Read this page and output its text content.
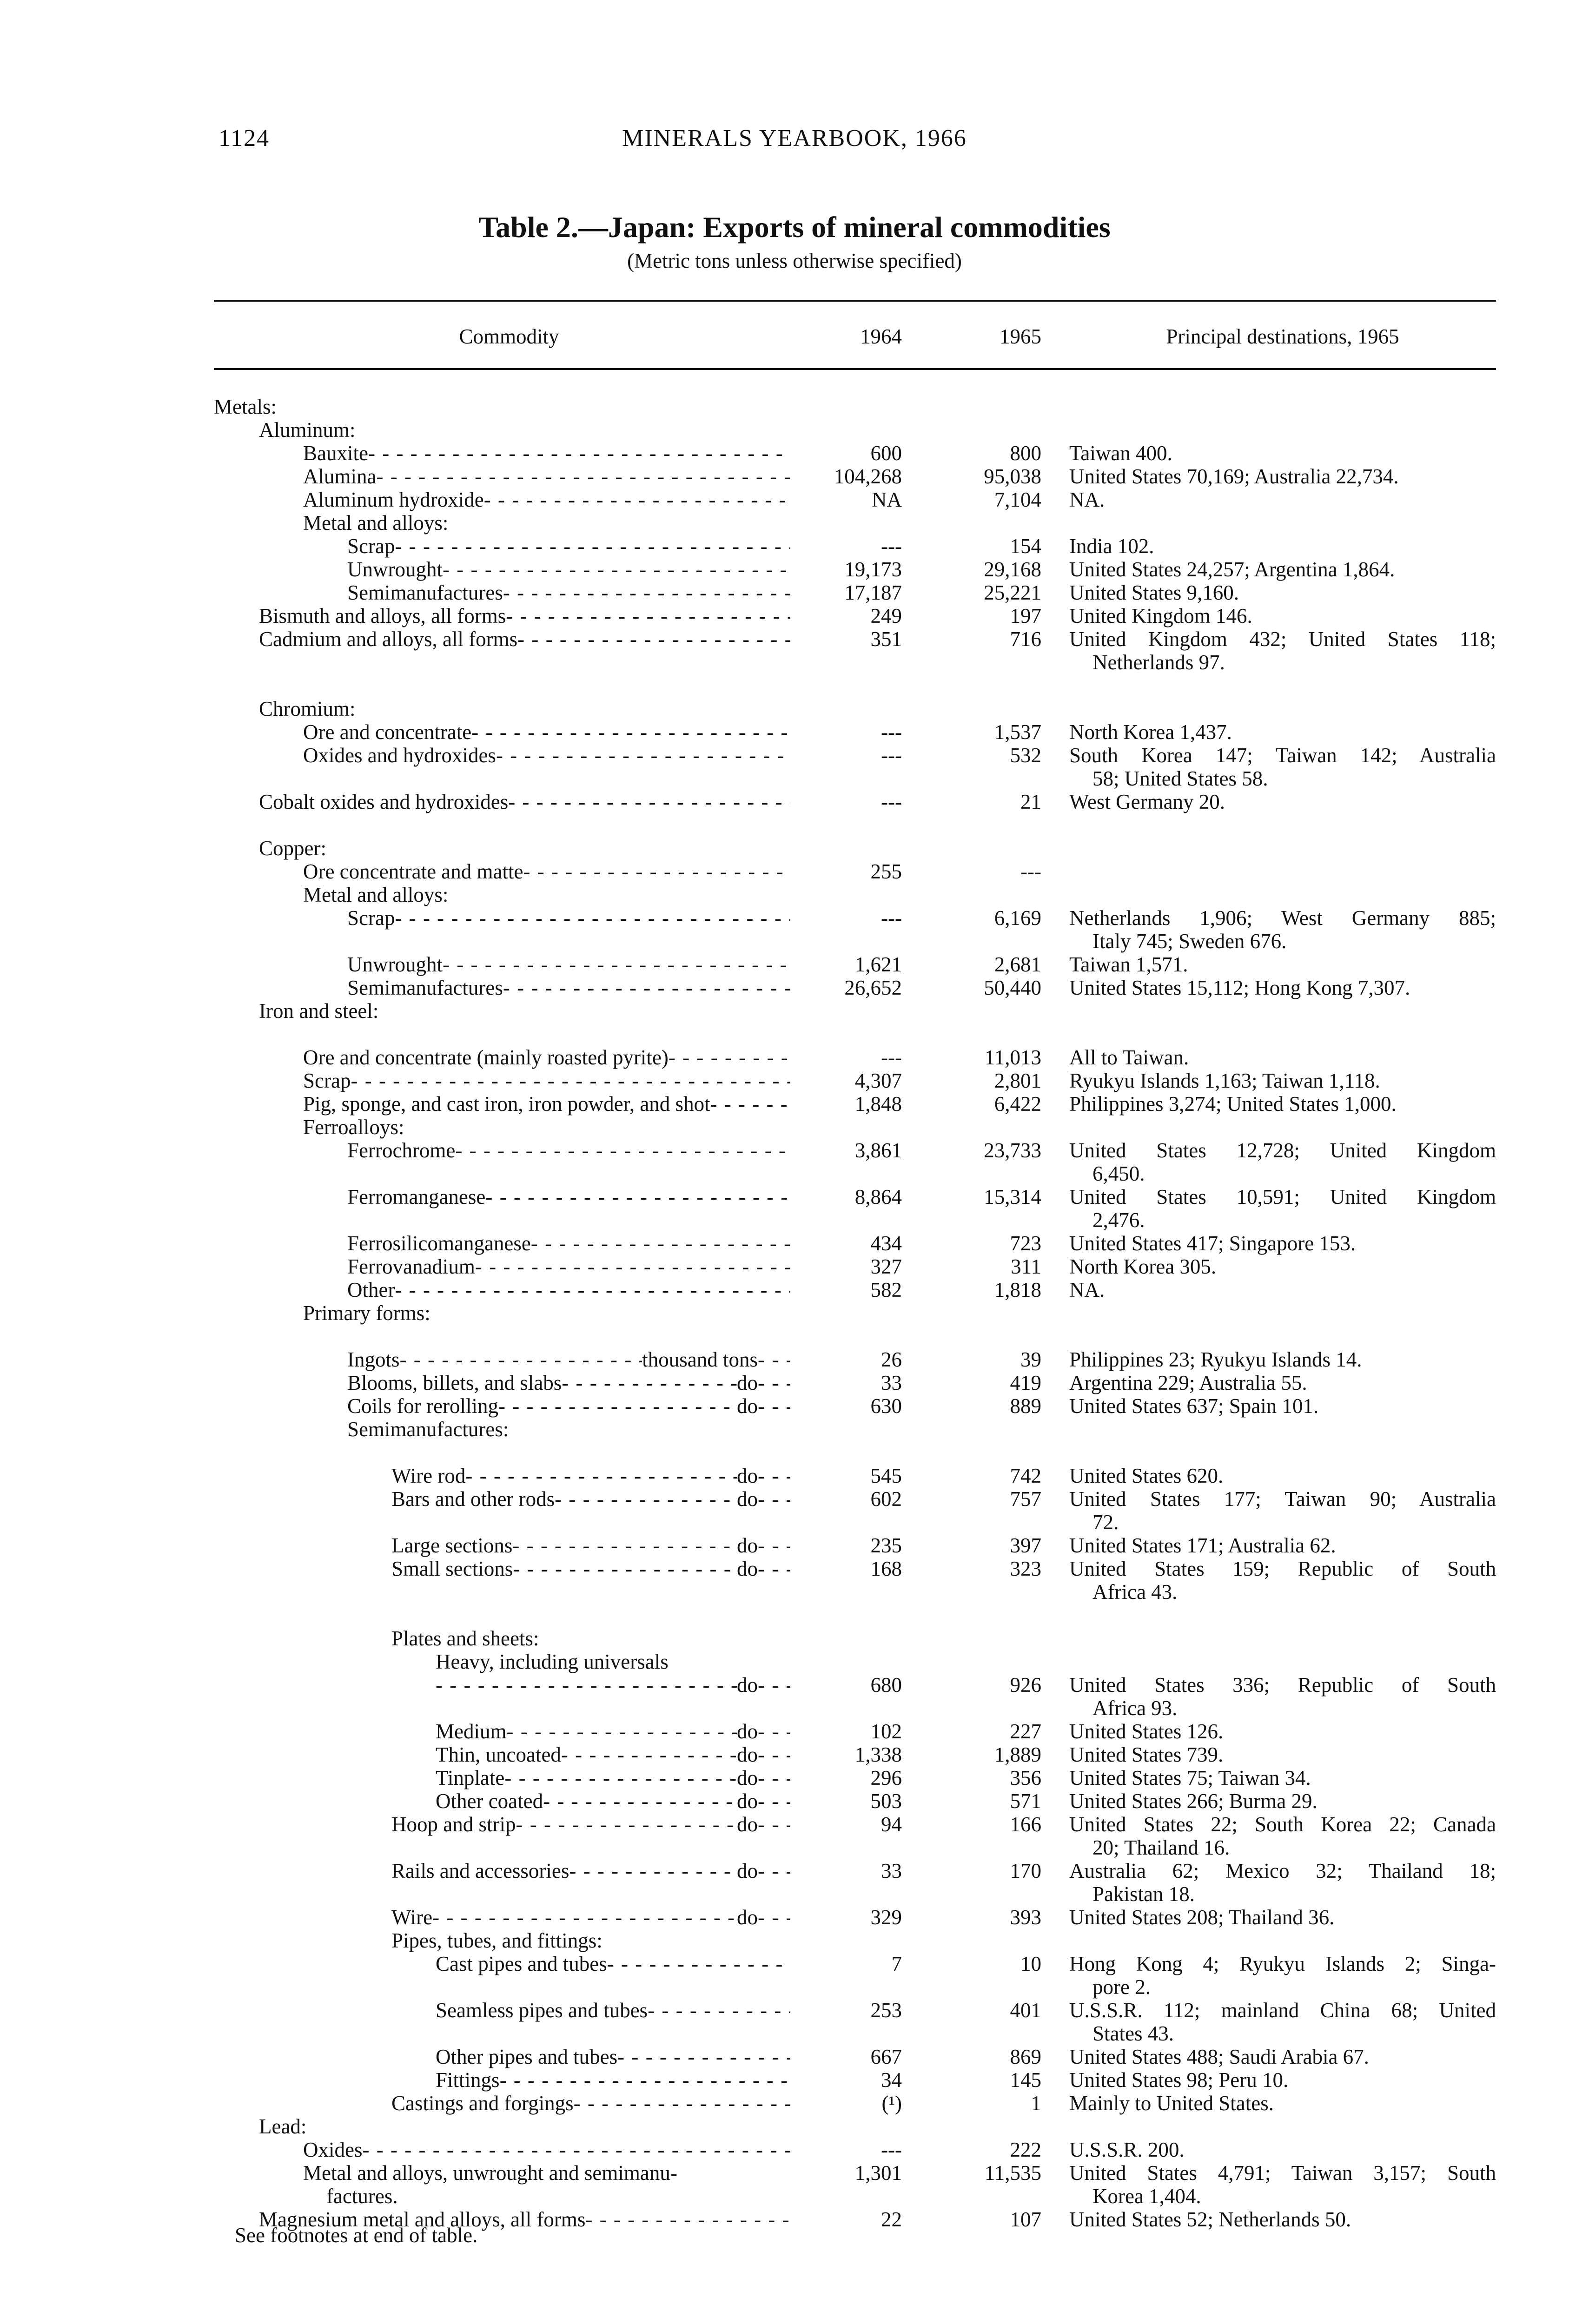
1124	MINERALS YEARBOOK, 1966
Table 2.—Japan: Exports of mineral commodities
(Metric tons unless otherwise specified)
Commodity	1964	1965	Principal destinations, 1965
Metals:
Aluminum:
Bauxite - - -	600	800 Taiwan 400.
Alumina - - -	104,268	95,038 United States 70,169; Australia 22,734.
Aluminum hydroxide - - -	NA	7,104 NA.
Metal and alloys:
Scrap - - -	---	154 India 102.
Unwrought - - -	19,173	29,168 United States 24,257; Argentina 1,864.
Semimanufactures - - -	17,187	25,221 United States 9,160.
Bismuth and alloys, all forms - - -	249	197 United Kingdom 146.
Cadmium and alloys, all forms - - -	351	716 United Kingdom 432; United States 118;
Netherlands 97.
Chromium:
Ore and concentrate - - -	---	1,537 North Korea 1,437.
Oxides and hydroxides - - -	---	532 South Korea 147; Taiwan 142; Australia
58; United States 58.
Cobalt oxides and hydroxides - - -	---	21 West Germany 20.
Copper:
Ore concentrate and matte - - -	255	---
Metal and alloys:
Scrap - - -	---	6,169 Netherlands 1,906; West Germany 885;
Italy 745; Sweden 676.
Unwrought - - -	1,621	2,681 Taiwan 1,571.
Semimanufactures - - -	26,652	50,440 United States 15,112; Hong Kong 7,307.
Iron and steel:
Ore and concentrate (mainly roasted pyrite) - - -	---	11,013 All to Taiwan.
Scrap - - -	4,307	2,801 Ryukyu Islands 1,163; Taiwan 1,118.
Pig, sponge, and cast iron, iron powder, and shot - - -	1,848	6,422 Philippines 3,274; United States 1,000.
Ferroalloys:
Ferrochrome - - -	3,861	23,733 United States 12,728; United Kingdom
6,450.
Ferromanganese - - -	8,864	15,314 United States 10,591; United Kingdom
2,476.
Ferrosilicomanganese - - -	434	723 United States 417; Singapore 153.
Ferrovanadium - - -	327	311 North Korea 305.
Other - - -	582	1,818 NA.
Primary forms:
Ingots - - -	thousand tons - - -	26	39 Philippines 23; Ryukyu Islands 14.
Blooms, billets, and slabs - - -	do - - -	33	419 Argentina 229; Australia 55.
Coils for rerolling - - -	do - - -	630	889 United States 637; Spain 101.
Semimanufactures:
Wire rod - - -	do - - -	545	742 United States 620.
Bars and other rods - - -	do - - -	602	757 United States 177; Taiwan 90; Australia
72.
Large sections - - -	do - - -	235	397 United States 171; Australia 62.
Small sections - - -	do - - -	168	323 United States 159; Republic of South
Africa 43.
Plates and sheets:
Heavy, including universals
- - -
do - - -	680	926 United States 336; Republic of South
Africa 93.
Medium - - -	do - - -	102	227 United States 126.
Thin, uncoated - - -	do - - -	1,338	1,889 United States 739.
Tinplate - - -	do - - -	296	356 United States 75; Taiwan 34.
Other coated - - -	do - - -	503	571 United States 266; Burma 29.
Hoop and strip - - -	do - - -	94	166 United States 22; South Korea 22; Canada
20; Thailand 16.
Rails and accessories - - -	do - - -	33	170 Australia 62; Mexico 32; Thailand 18;
Pakistan 18.
Wire - - -	do - - -	329	393 United States 208; Thailand 36.
Pipes, tubes, and fittings:
Cast pipes and tubes - - -	7	10 Hong Kong 4; Ryukyu Islands 2; Singa-
pore 2.
Seamless pipes and tubes - - -	253	401 U.S.S.R. 112; mainland China 68; United
States 43.
Other pipes and tubes - - -	667	869 United States 488; Saudi Arabia 67.
Fittings - - -	34	145 United States 98; Peru 10.
Castings and forgings - - -	(¹)	1 Mainly to United States.
Lead:
Oxides - - -	---	222 U.S.S.R. 200.
Metal and alloys, unwrought and semimanu-
factures.
1,301	11,535 United States 4,791; Taiwan 3,157; South
Korea 1,404.
Magnesium metal and alloys, all forms - - -	22	107 United States 52; Netherlands 50.
See footnotes at end of table.
